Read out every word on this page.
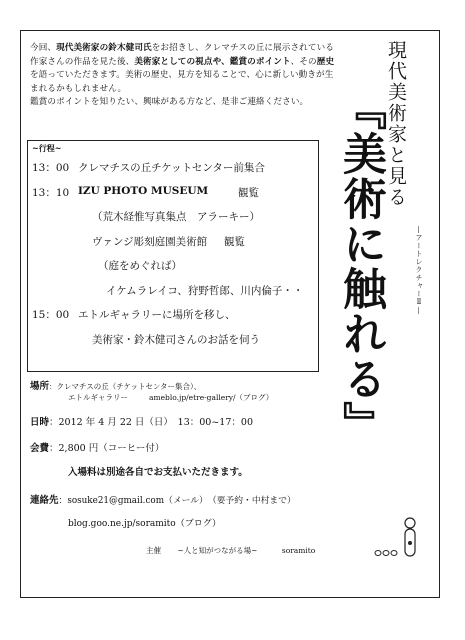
今回、現代美術家の鈴木健司氏をお招きし、クレマチスの丘に展示されている作家さんの作品を見た後、美術家としての視点や、鑑賞のポイント、その歴史を語っていただきます。美術の歴史、見方を知ることで、心に新しい動きが生まれるかもしれません。

鑑賞のポイントを知りたい、興味がある方など、是非ご連絡ください。	現代美術家と見る
『美術に触れる』	―アートレクチャーⅡ―
~行程~
13：00 クレマチスの丘チケットセンター前集合
13：10 IZU PHOTO MUSEUM	観覧
（荒木経惟写真集点　アラーキー）
ヴァンジ彫刻庭園美術館 観覧
（庭をめぐれば）
イケムラレイコ、狩野哲郎、川内倫子・・
15：00 エトルギャラリーに場所を移し、
美術家・鈴木健司さんのお話を伺う
場所：クレマチスの丘（チケットセンター集合）、
エトルギャラリー	ameblo.jp/etre-gallery/（ブログ）
日時：2012 年 4 月 22 日（日）　13：00~17：00
会費：2,800 円（コーヒー付）
入場料は別途各自でお支払いただきます。
連絡先：sosuke21@gmail.com（メール）　（要予約・中村まで）
blog.goo.ne.jp/soramito（ブログ）
主催 ~人と知がつながる場~	soramito
